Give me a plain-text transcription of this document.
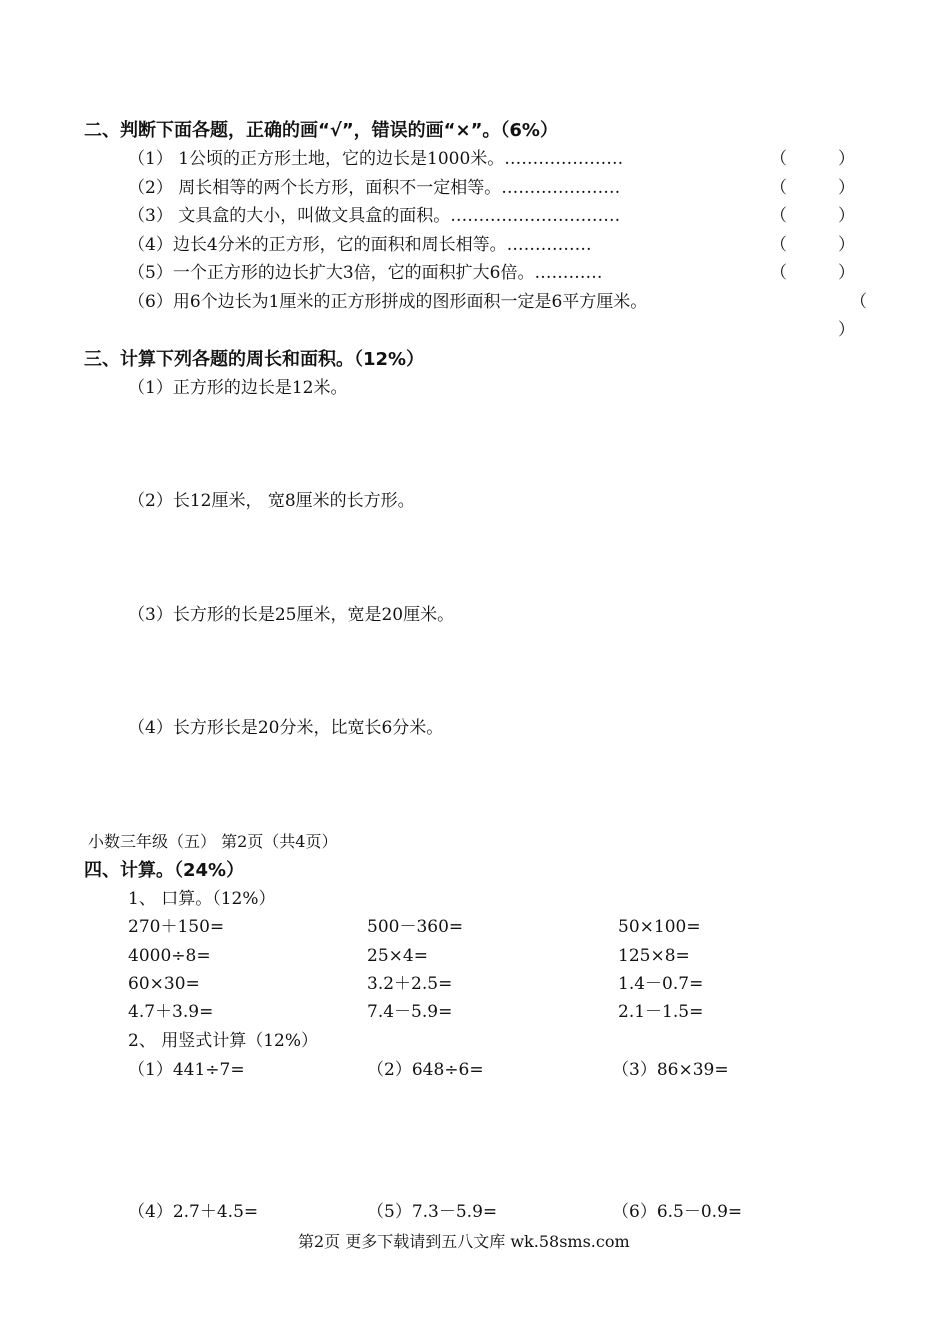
二、判断下面各题，正确的画“√”，错误的画“×”。（6%）
（1） 1公顷的正方形土地，它的边长是1000米。…………………	（	）
（2） 周长相等的两个长方形，面积不一定相等。…………………	（	）
（3） 文具盒的大小，叫做文具盒的面积。…………………………	（	）
（4）边长4分米的正方形，它的面积和周长相等。……………	（	）
（5）一个正方形的边长扩大3倍，它的面积扩大6倍。…………	（	）
（6）用6个边长为1厘米的正方形拼成的图形面积一定是6平方厘米。	（
）
三、计算下列各题的周长和面积。（12%）
（1）正方形的边长是12米。
（2）长12厘米， 宽8厘米的长方形。
（3）长方形的长是25厘米，宽是20厘米。
（4）长方形长是20分米，比宽长6分米。
小数三年级（五） 第2页（共4页）
四、计算。（24%）
1、 口算。（12%）
270＋150=	500－360=	50×100=
4000÷8=	25×4=	125×8=
60×30=	3.2＋2.5=	1.4－0.7=
4.7＋3.9=	7.4－5.9=	2.1－1.5=
2、 用竖式计算（12%）
（1）441÷7=	（2）648÷6=	（3）86×39=
（4）2.7＋4.5=	（5）7.3－5.9=	（6）6.5－0.9=
第2页 更多下载请到五八文库 wk.58sms.com
